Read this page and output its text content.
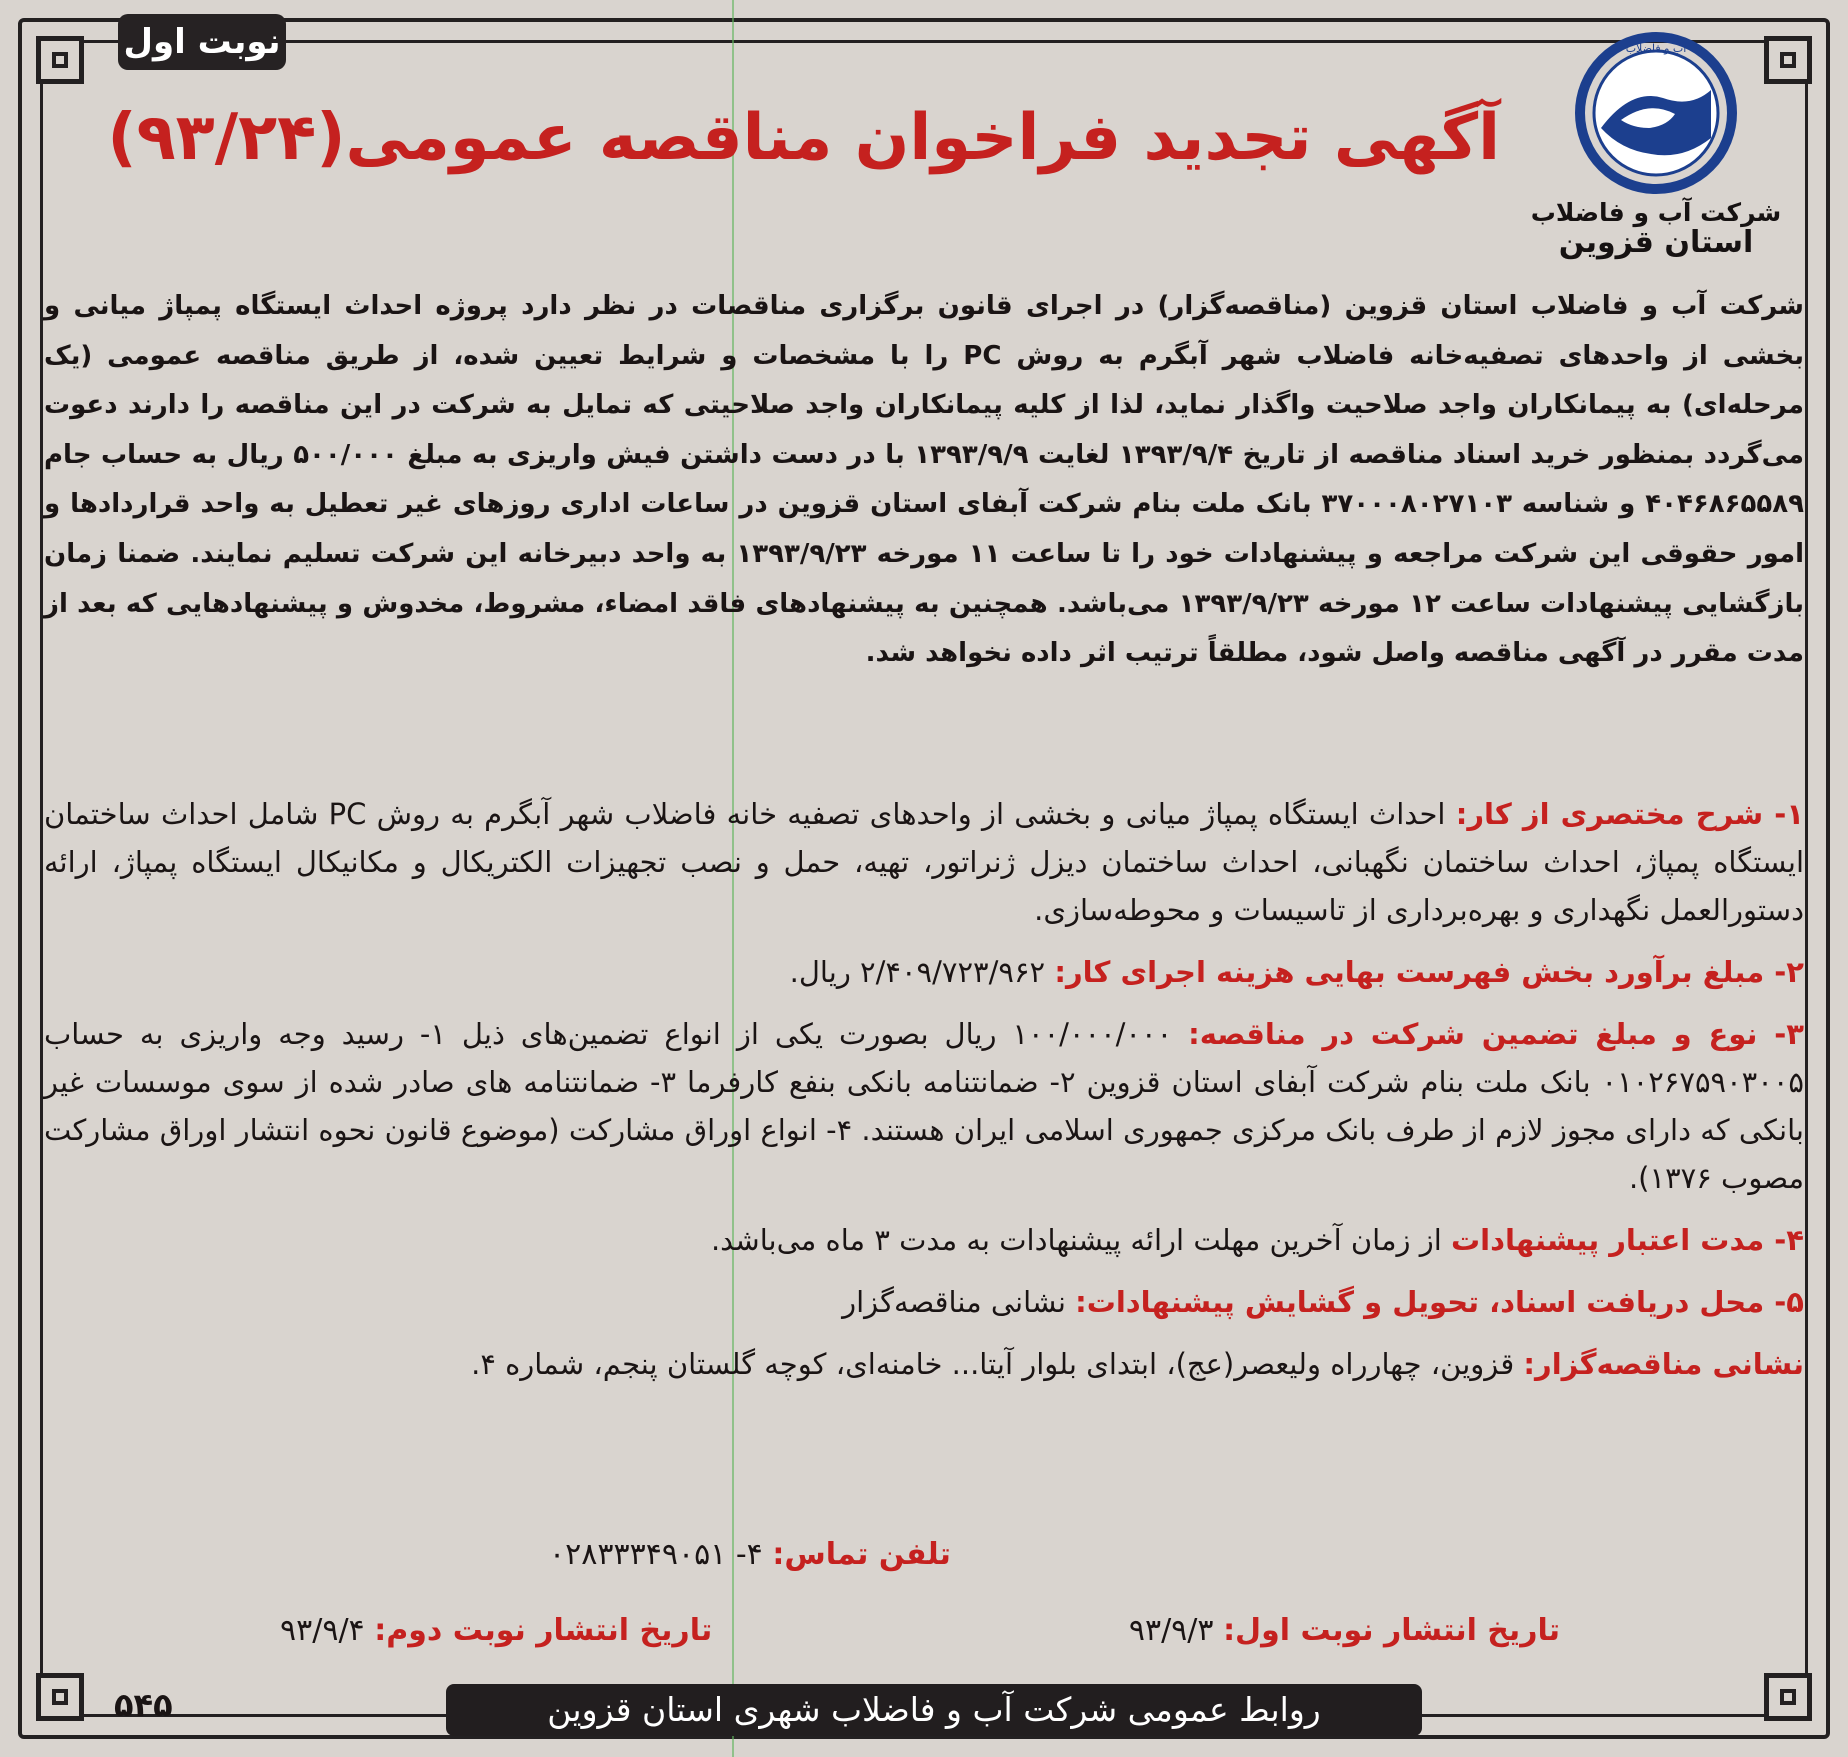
نوبت اول	آب و فاضلاب
شرکت آب و فاضلاب
استان قزوین
آگهی تجدید فراخوان مناقصه عمومی(۹۳/۲۴)
شرکت آب و فاضلاب استان قزوین (مناقصه‌گزار) در اجرای قانون برگزاری مناقصات در نظر دارد پروژه احداث ایستگاه پمپاژ میانی و بخشی از واحدهای تصفیه‌خانه فاضلاب شهر آبگرم به روش PC را با مشخصات و شرایط تعیین شده، از طریق مناقصه عمومی (یک مرحله‌ای) به پیمانکاران واجد صلاحیت واگذار نماید، لذا از کلیه پیمانکاران واجد صلاحیتی که تمایل به شرکت در این مناقصه را دارند دعوت می‌گردد بمنظور خرید اسناد مناقصه از تاریخ ۱۳۹۳/۹/۴ لغایت ۱۳۹۳/۹/۹ با در دست داشتن فیش واریزی به مبلغ ۵۰۰/۰۰۰ ریال به حساب جام ۴۰۴۶۸۶۵۵۸۹ و شناسه ۳۷۰۰۰۸۰۲۷۱۰۳ بانک ملت بنام شرکت آبفای استان قزوین در ساعات اداری روزهای غیر تعطیل به واحد قراردادها و امور حقوقی این شرکت مراجعه و پیشنهادات خود را تا ساعت ۱۱ مورخه ۱۳۹۳/۹/۲۳ به واحد دبیرخانه این شرکت تسلیم نمایند. ضمنا زمان بازگشایی پیشنهادات ساعت ۱۲ مورخه ۱۳۹۳/۹/۲۳ می‌باشد. همچنین به پیشنهادهای فاقد امضاء، مشروط، مخدوش و پیشنهادهایی که بعد از مدت مقرر در آگهی مناقصه واصل شود، مطلقاً ترتیب اثر داده نخواهد شد.

۱- شرح مختصری از کار: احداث ایستگاه پمپاژ میانی و بخشی از واحدهای تصفیه خانه فاضلاب شهر آبگرم به روش PC شامل احداث ساختمان ایستگاه پمپاژ، احداث ساختمان نگهبانی، احداث ساختمان دیزل ژنراتور، تهیه، حمل و نصب تجهیزات الکتریکال و مکانیکال ایستگاه پمپاژ، ارائه دستورالعمل نگهداری و بهره‌برداری از تاسیسات و محوطه‌سازی.

۲- مبلغ برآورد بخش فهرست بهایی هزینه اجرای کار: ۲/۴۰۹/۷۲۳/۹۶۲ ریال.

۳- نوع و مبلغ تضمین شرکت در مناقصه: ۱۰۰/۰۰۰/۰۰۰ ریال بصورت یکی از انواع تضمین‌های ذیل ۱- رسید وجه واریزی به حساب ۰۱۰۲۶۷۵۹۰۳۰۰۵ بانک ملت بنام شرکت آبفای استان قزوین ۲- ضمانتنامه بانکی بنفع کارفرما ۳- ضمانتنامه های صادر شده از سوی موسسات غیر بانکی که دارای مجوز لازم از طرف بانک مرکزی جمهوری اسلامی ایران هستند. ۴- انواع اوراق مشارکت (موضوع قانون نحوه انتشار اوراق مشارکت مصوب ۱۳۷۶).

۴- مدت اعتبار پیشنهادات از زمان آخرین مهلت ارائه پیشنهادات به مدت ۳ ماه می‌باشد.

۵- محل دریافت اسناد، تحویل و گشایش پیشنهادات: نشانی مناقصه‌گزار

نشانی مناقصه‌گزار: قزوین، چهارراه ولیعصر(عج)، ابتدای بلوار آیتا... خامنه‌ای، کوچه گلستان پنجم، شماره ۴.

تلفن تماس: ۴- ۰۲۸۳۳۳۴۹۰۵۱
تاریخ انتشار نوبت اول: ۹۳/۹/۳
تاریخ انتشار نوبت دوم: ۹۳/۹/۴
۵۴۵	روابط عمومی شرکت آب و فاضلاب شهری استان قزوین
